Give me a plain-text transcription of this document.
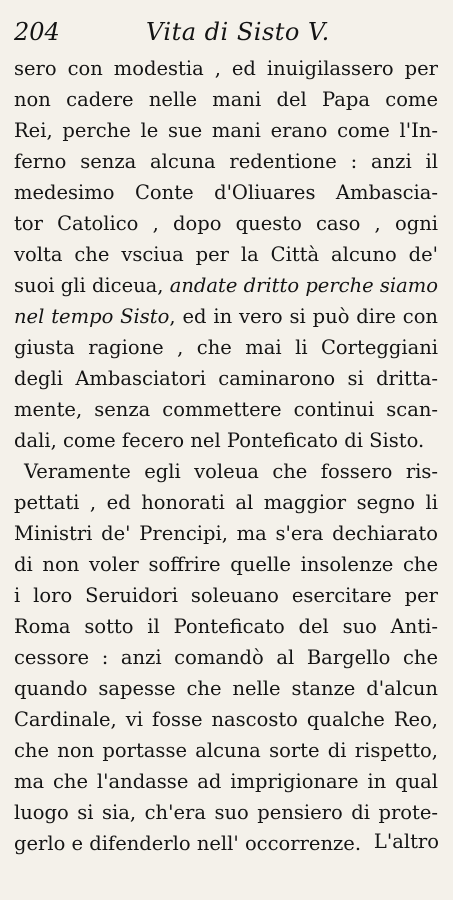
204	Vita di Sisto V.
sero con modestia , ed inuigilassero per
non cadere nelle mani del Papa come
Rei, perche le sue mani erano come l'In-
ferno senza alcuna redentione : anzi il
medesimo Conte d'Oliuares Ambascia-
tor Catolico , dopo questo caso , ogni
volta che vsciua per la Città alcuno de'
suoi gli diceua, andate dritto perche siamo
nel tempo Sisto, ed in vero si può dire con
giusta ragione , che mai li Corteggiani
degli Ambasciatori caminarono si dritta-
mente, senza commettere continui scan-
dali, come fecero nel Ponteficato di Sisto.
Veramente egli voleua che fossero ris-
pettati , ed honorati al maggior segno li
Ministri de' Prencipi, ma s'era dechiarato
di non voler soffrire quelle insolenze che
i loro Seruidori soleuano esercitare per
Roma sotto il Ponteficato del suo Anti-
cessore : anzi comandò al Bargello che
quando sapesse che nelle stanze d'alcun
Cardinale, vi fosse nascosto qualche Reo,
che non portasse alcuna sorte di rispetto,
ma che l'andasse ad imprigionare in qual
luogo si sia, ch'era suo pensiero di prote-
gerlo e difenderlo nell' occorrenze. L'altro
